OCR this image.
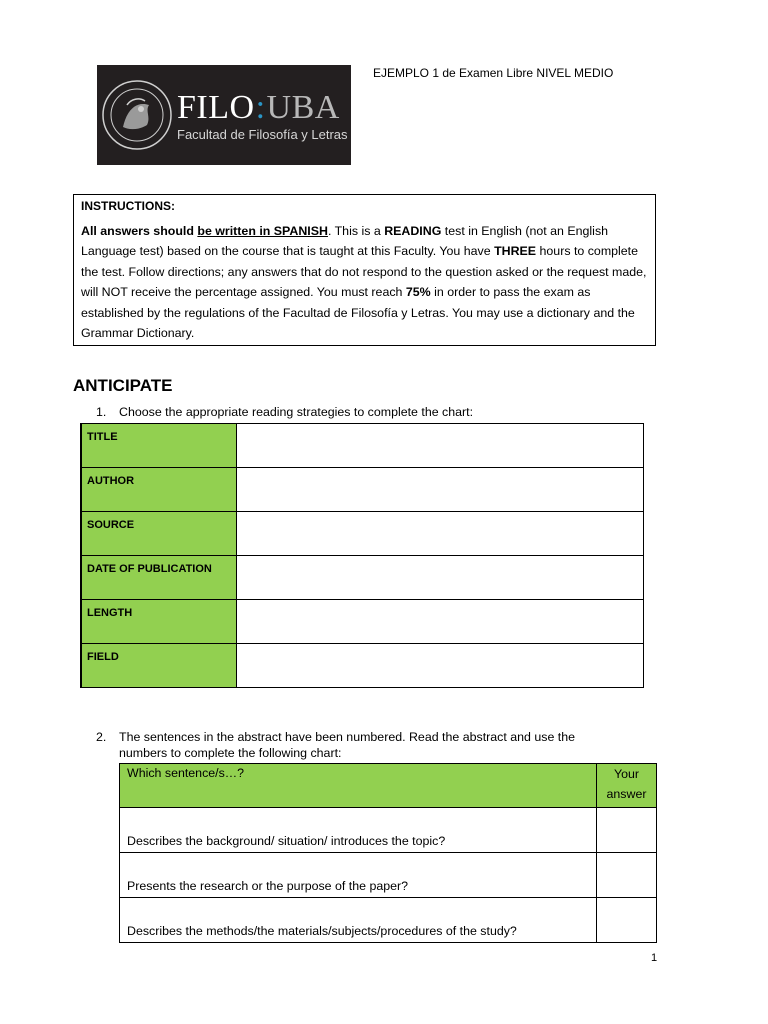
FILO:UBA
Facultad de Filosofía y Letras
EJEMPLO 1 de Examen Libre NIVEL MEDIO
INSTRUCTIONS:
All answers should be written in SPANISH. This is a READING test in English (not an English Language test) based on the course that is taught at this Faculty. You have THREE hours to complete the test. Follow directions; any answers that do not respond to the question asked or the request made, will NOT receive the percentage assigned. You must reach 75% in order to pass the exam as established by the regulations of the Facultad de Filosofía y Letras. You may use a dictionary and the Grammar Dictionary.
ANTICIPATE
1. Choose the appropriate reading strategies to complete the chart:
TITLE	
AUTHOR	
SOURCE	
DATE OF PUBLICATION	
LENGTH	
FIELD	
2. The sentences in the abstract have been numbered. Read the abstract and use the
numbers to complete the following chart:
Which sentence/s…?	Your
answer
Describes the background/ situation/ introduces the topic?	
Presents the research or the purpose of the paper?	
Describes the methods/the materials/subjects/procedures of the study?	
1
